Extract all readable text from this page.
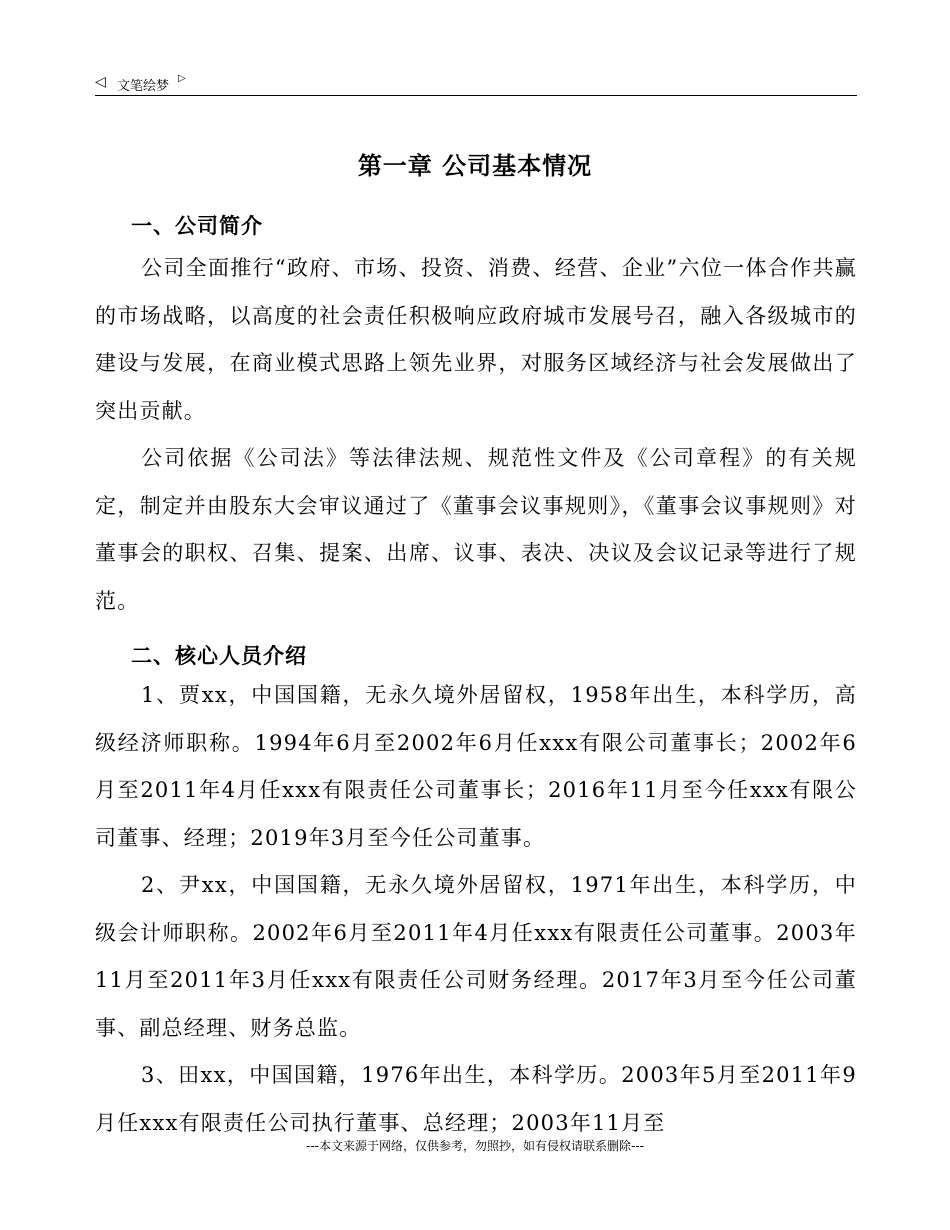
◁ 文笔绘梦
▷
第一章 公司基本情况
一、公司简介

公司全面推行“政府、市场、投资、消费、经营、企业”六位一体合作共赢的市场战略，以高度的社会责任积极响应政府城市发展号召，融入各级城市的建设与发展，在商业模式思路上领先业界，对服务区域经济与社会发展做出了突出贡献。

公司依据《公司法》等法律法规、规范性文件及《公司章程》的有关规定，制定并由股东大会审议通过了《董事会议事规则》，《董事会议事规则》对董事会的职权、召集、提案、出席、议事、表决、决议及会议记录等进行了规范。

二、核心人员介绍

1、贾xx，中国国籍，无永久境外居留权，1958年出生，本科学历，高级经济师职称。1994年6月至2002年6月任xxx有限公司董事长；2002年6月至2011年4月任xxx有限责任公司董事长；2016年11月至今任xxx有限公司董事、经理；2019年3月至今任公司董事。

2、尹xx，中国国籍，无永久境外居留权，1971年出生，本科学历，中级会计师职称。2002年6月至2011年4月任xxx有限责任公司董事。2003年11月至2011年3月任xxx有限责任公司财务经理。2017年3月至今任公司董事、副总经理、财务总监。

3、田xx，中国国籍，1976年出生，本科学历。2003年5月至2011年9月任xxx有限责任公司执行董事、总经理；2003年11月至

---本文来源于网络，仅供参考，勿照抄，如有侵权请联系删除---
